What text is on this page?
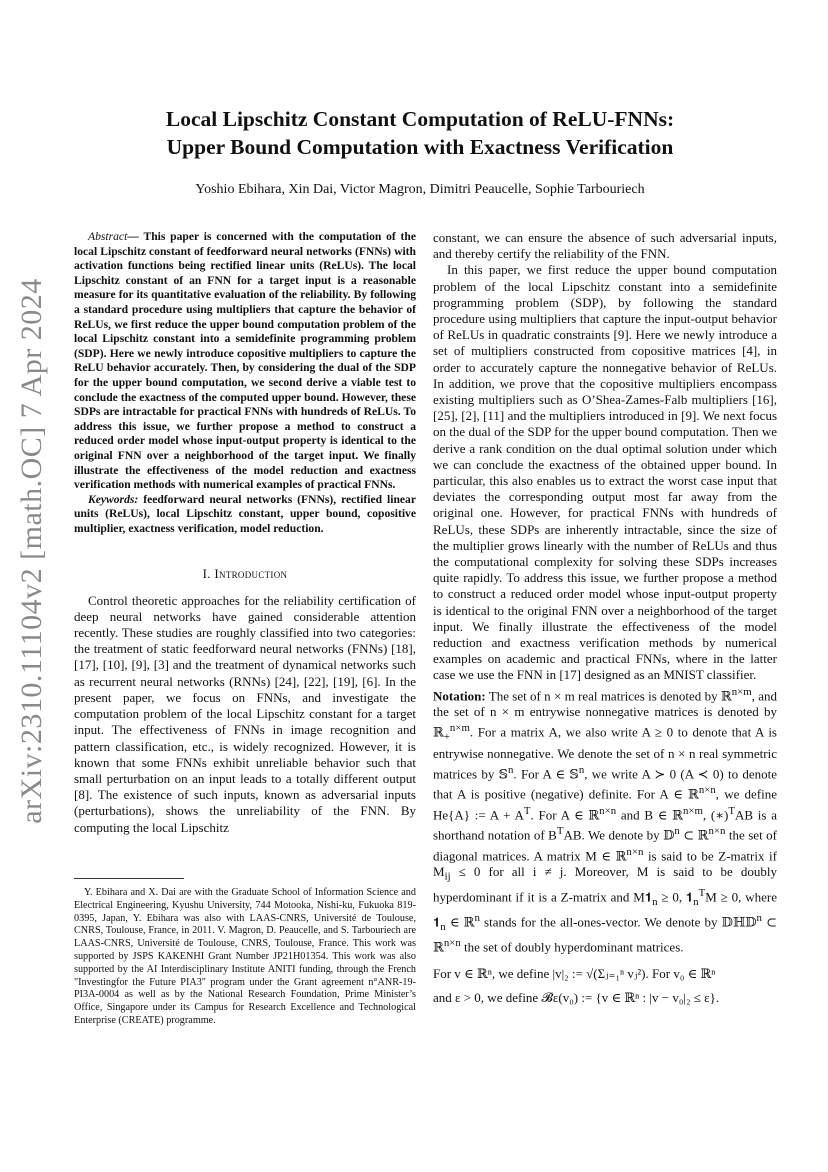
arXiv:2310.11104v2 [math.OC] 7 Apr 2024
Local Lipschitz Constant Computation of ReLU-FNNs:
Upper Bound Computation with Exactness Verification
Yoshio Ebihara, Xin Dai, Victor Magron, Dimitri Peaucelle, Sophie Tarbouriech

Abstract— This paper is concerned with the computation of the local Lipschitz constant of feedforward neural networks (FNNs) with activation functions being rectified linear units (ReLUs). The local Lipschitz constant of an FNN for a target input is a reasonable measure for its quantitative evaluation of the reliability. By following a standard procedure using multipliers that capture the behavior of ReLUs, we first reduce the upper bound computation problem of the local Lipschitz constant into a semidefinite programming problem (SDP). Here we newly introduce copositive multipliers to capture the ReLU behavior accurately. Then, by considering the dual of the SDP for the upper bound computation, we second derive a viable test to conclude the exactness of the computed upper bound. However, these SDPs are intractable for practical FNNs with hundreds of ReLUs. To address this issue, we further propose a method to construct a reduced order model whose input-output property is identical to the original FNN over a neighborhood of the target input. We finally illustrate the effectiveness of the model reduction and exactness verification methods with numerical examples of practical FNNs.

Keywords: feedforward neural networks (FNNs), rectified linear units (ReLUs), local Lipschitz constant, upper bound, copositive multiplier, exactness verification, model reduction.

I. Introduction

Control theoretic approaches for the reliability certification of deep neural networks have gained considerable attention recently. These studies are roughly classified into two categories: the treatment of static feedforward neural networks (FNNs) [18], [17], [10], [9], [3] and the treatment of dynamical networks such as recurrent neural networks (RNNs) [24], [22], [19], [6]. In the present paper, we focus on FNNs, and investigate the computation problem of the local Lipschitz constant for a target input. The effectiveness of FNNs in image recognition and pattern classification, etc., is widely recognized. However, it is known that some FNNs exhibit unreliable behavior such that small perturbation on an input leads to a totally different output [8]. The existence of such inputs, known as adversarial inputs (perturbations), shows the unreliability of the FNN. By computing the local Lipschitz

Y. Ebihara and X. Dai are with the Graduate School of Information Science and Electrical Engineering, Kyushu University, 744 Motooka, Nishi-ku, Fukuoka 819-0395, Japan, Y. Ebihara was also with LAAS-CNRS, Université de Toulouse, CNRS, Toulouse, France, in 2011. V. Magron, D. Peaucelle, and S. Tarbouriech are LAAS-CNRS, Université de Toulouse, CNRS, Toulouse, France. This work was supported by JSPS KAKENHI Grant Number JP21H01354. This work was also supported by the AI Interdisciplinary Institute ANITI funding, through the French "Investingfor the Future PIA3" program under the Grant agreement n°ANR-19-PI3A-0004 as well as by the National Research Foundation, Prime Minister’s Office, Singapore under its Campus for Research Excellence and Technological Enterprise (CREATE) programme.

constant, we can ensure the absence of such adversarial inputs, and thereby certify the reliability of the FNN.

In this paper, we first reduce the upper bound computation problem of the local Lipschitz constant into a semidefinite programming problem (SDP), by following the standard procedure using multipliers that capture the input-output behavior of ReLUs in quadratic constraints [9]. Here we newly introduce a set of multipliers constructed from copositive matrices [4], in order to accurately capture the nonnegative behavior of ReLUs. In addition, we prove that the copositive multipliers encompass existing multipliers such as O’Shea-Zames-Falb multipliers [16], [25], [2], [11] and the multipliers introduced in [9]. We next focus on the dual of the SDP for the upper bound computation. Then we derive a rank condition on the dual optimal solution under which we can conclude the exactness of the obtained upper bound. In particular, this also enables us to extract the worst case input that deviates the corresponding output most far away from the original one. However, for practical FNNs with hundreds of ReLUs, these SDPs are inherently intractable, since the size of the multiplier grows linearly with the number of ReLUs and thus the computational complexity for solving these SDPs increases quite rapidly. To address this issue, we further propose a method to construct a reduced order model whose input-output property is identical to the original FNN over a neighborhood of the target input. We finally illustrate the effectiveness of the model reduction and exactness verification methods by numerical examples on academic and practical FNNs, where in the latter case we use the FNN in [17] designed as an MNIST classifier.

Notation: The set of n × m real matrices is denoted by ℝ$^{n\times m}$, and the set of n × m entrywise nonnegative matrices is denoted by ℝ$_+^{n\times m}$. For a matrix A, we also write A ≥ 0 to denote that A is entrywise nonnegative. We denote the set of n × n real symmetric matrices by 𝕊$^n$. For A ∈ 𝕊$^n$, we write A ≻ 0 (A ≺ 0) to denote that A is positive (negative) definite. For A ∈ ℝ$^{n\times n}$, we define He{A} := $A + A^T$. For A ∈ ℝ$^{n\times n}$ and B ∈ ℝ$^{n\times m}$, (∗)$^T$AB is a shorthand notation of $B^TAB$. We denote by 𝔻$^n$ ⊂ ℝ$^{n\times n}$ the set of diagonal matrices. A matrix M ∈ ℝ$^{n\times n}$ is said to be Z-matrix if $M_{ij} \le 0$ for all i ≠ j. Moreover, M is said to be doubly hyperdominant if it is a Z-matrix and $M𝟏_n \ge 0$, $𝟏_n^TM \ge 0$, where $𝟏_n$ ∈ ℝ$^n$ stands for the all-ones-vector. We denote by 𝔻ℍ𝔻$^n$ ⊂ ℝ$^{n\times n}$ the set of doubly hyperdominant matrices.

For v ∈ ℝⁿ, we define |v|₂ := √(Σⱼ₌₁ⁿ vⱼ²). For v₀ ∈ ℝⁿ

and ε > 0, we define 𝓑ε(v₀) := {v ∈ ℝⁿ : |v − v₀|₂ ≤ ε}.
